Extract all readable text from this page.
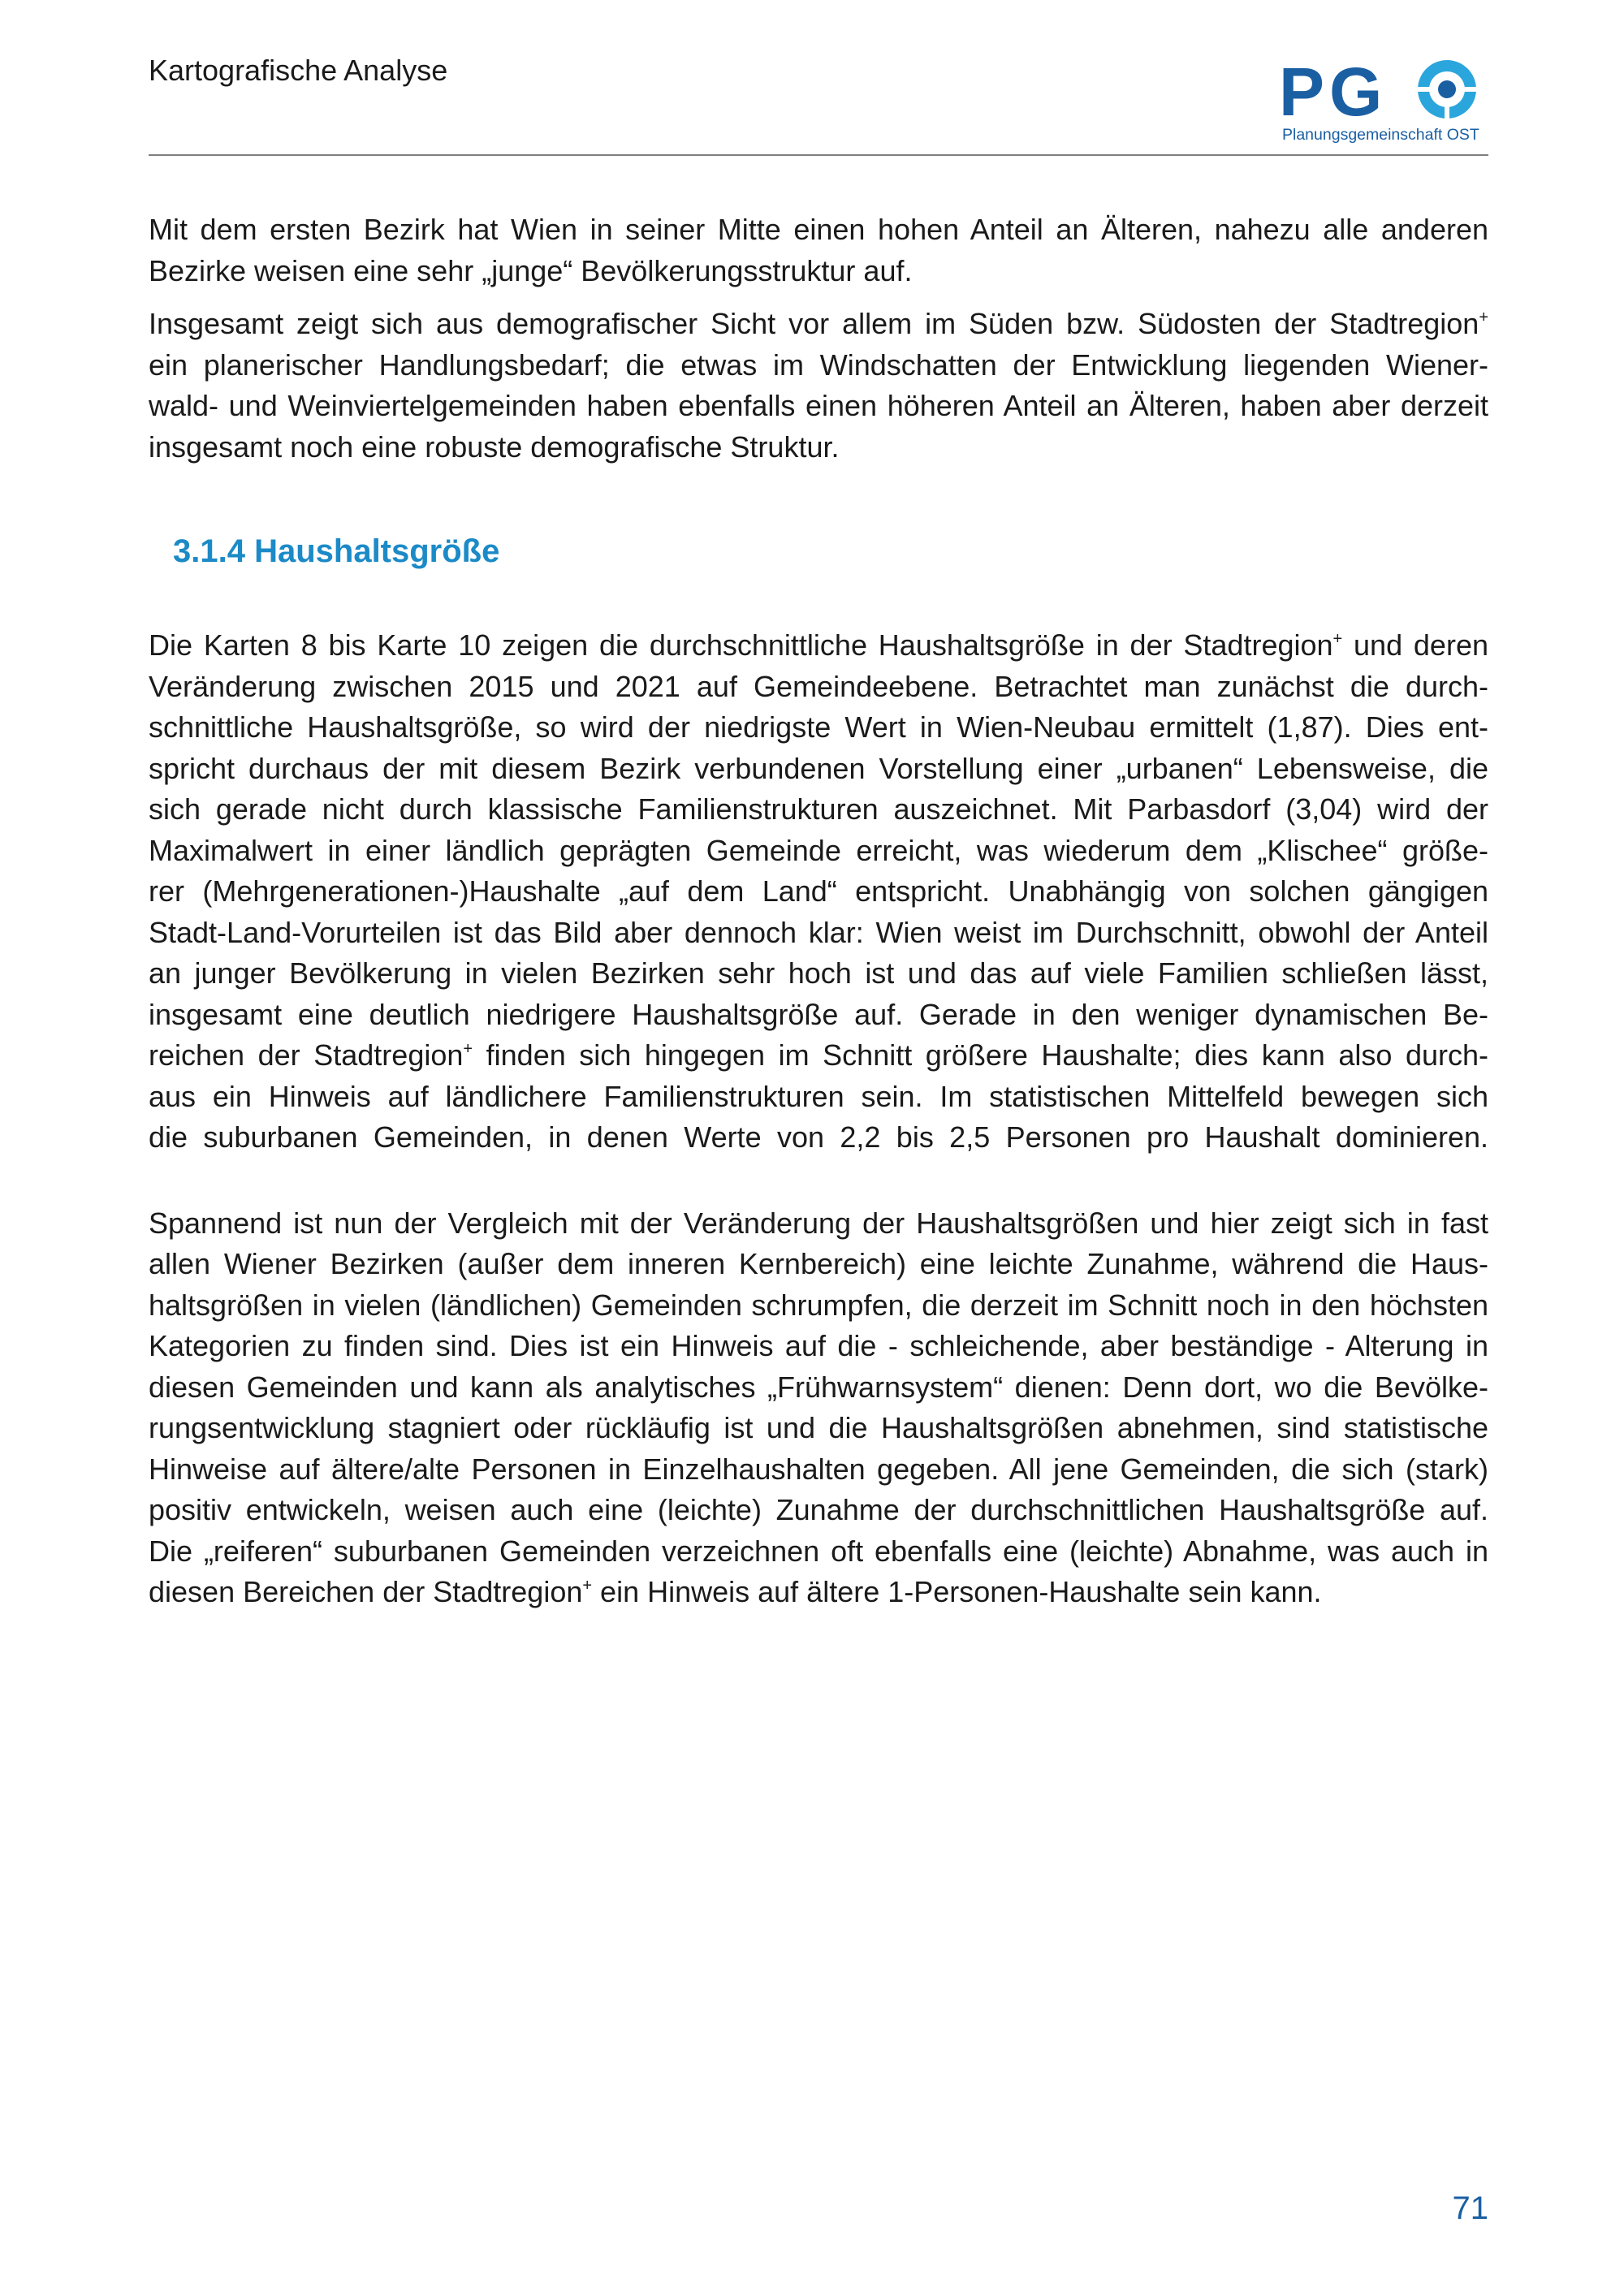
Kartografische Analyse	P G
Planungsgemeinschaft OST

Mit dem ersten Bezirk hat Wien in seiner Mitte einen hohen Anteil an Älteren, nahezu alle anderen
Bezirke weisen eine sehr „junge“ Bevölkerungsstruktur auf.

Insgesamt zeigt sich aus demografischer Sicht vor allem im Süden bzw. Südosten der Stadtregion+
ein planerischer Handlungsbedarf; die etwas im Windschatten der Entwicklung liegenden Wiener-
wald- und Weinviertelgemeinden haben ebenfalls einen höheren Anteil an Älteren, haben aber derzeit
insgesamt noch eine robuste demografische Struktur.

3.1.4 Haushaltsgröße

Die Karten 8 bis Karte 10 zeigen die durchschnittliche Haushaltsgröße in der Stadtregion+ und deren
Veränderung zwischen 2015 und 2021 auf Gemeindeebene. Betrachtet man zunächst die durch-
schnittliche Haushaltsgröße, so wird der niedrigste Wert in Wien-Neubau ermittelt (1,87). Dies ent-
spricht durchaus der mit diesem Bezirk verbundenen Vorstellung einer „urbanen“ Lebensweise, die
sich gerade nicht durch klassische Familienstrukturen auszeichnet. Mit Parbasdorf (3,04) wird der
Maximalwert in einer ländlich geprägten Gemeinde erreicht, was wiederum dem „Klischee“ größe-
rer (Mehrgenerationen-)Haushalte „auf dem Land“ entspricht. Unabhängig von solchen gängigen
Stadt-Land-Vorurteilen ist das Bild aber dennoch klar: Wien weist im Durchschnitt, obwohl der Anteil
an junger Bevölkerung in vielen Bezirken sehr hoch ist und das auf viele Familien schließen lässt,
insgesamt eine deutlich niedrigere Haushaltsgröße auf. Gerade in den weniger dynamischen Be-
reichen der Stadtregion+ finden sich hingegen im Schnitt größere Haushalte; dies kann also durch-
aus ein Hinweis auf ländlichere Familienstrukturen sein. Im statistischen Mittelfeld bewegen sich
die suburbanen Gemeinden, in denen Werte von 2,2 bis 2,5 Personen pro Haushalt dominieren.

Spannend ist nun der Vergleich mit der Veränderung der Haushaltsgrößen und hier zeigt sich in fast
allen Wiener Bezirken (außer dem inneren Kernbereich) eine leichte Zunahme, während die Haus-
haltsgrößen in vielen (ländlichen) Gemeinden schrumpfen, die derzeit im Schnitt noch in den höchsten
Kategorien zu finden sind. Dies ist ein Hinweis auf die - schleichende, aber beständige - Alterung in
diesen Gemeinden und kann als analytisches „Frühwarnsystem“ dienen: Denn dort, wo die Bevölke-
rungsentwicklung stagniert oder rückläufig ist und die Haushaltsgrößen abnehmen, sind statistische
Hinweise auf ältere/alte Personen in Einzelhaushalten gegeben. All jene Gemeinden, die sich (stark)
positiv entwickeln, weisen auch eine (leichte) Zunahme der durchschnittlichen Haushaltsgröße auf.
Die „reiferen“ suburbanen Gemeinden verzeichnen oft ebenfalls eine (leichte) Abnahme, was auch in
diesen Bereichen der Stadtregion+ ein Hinweis auf ältere 1-Personen-Haushalte sein kann.

71
